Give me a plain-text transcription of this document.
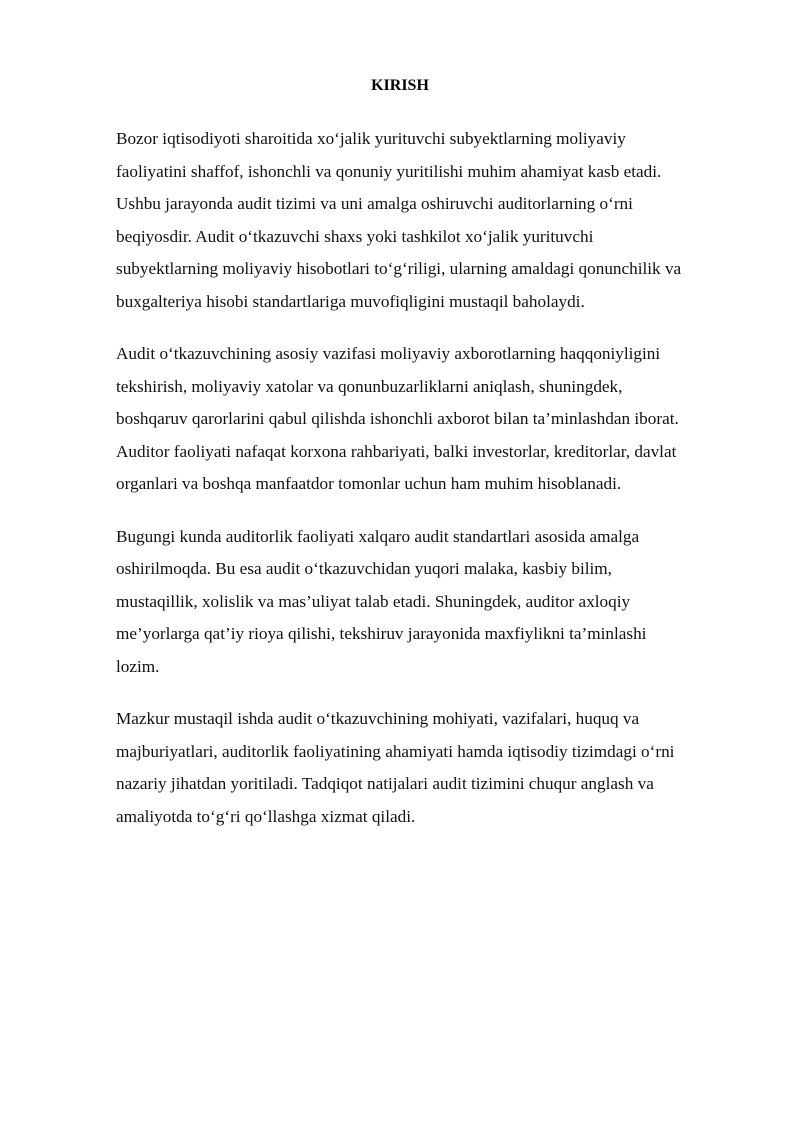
KIRISH

Bozor iqtisodiyoti sharoitida xo‘jalik yurituvchi subyektlarning moliyaviy
faoliyatini shaffof, ishonchli va qonuniy yuritilishi muhim ahamiyat kasb etadi.
Ushbu jarayonda audit tizimi va uni amalga oshiruvchi auditorlarning o‘rni
beqiyosdir. Audit o‘tkazuvchi shaxs yoki tashkilot xo‘jalik yurituvchi
subyektlarning moliyaviy hisobotlari to‘g‘riligi, ularning amaldagi qonunchilik va
buxgalteriya hisobi standartlariga muvofiqligini mustaqil baholaydi.

Audit o‘tkazuvchining asosiy vazifasi moliyaviy axborotlarning haqqoniyligini
tekshirish, moliyaviy xatolar va qonunbuzarliklarni aniqlash, shuningdek,
boshqaruv qarorlarini qabul qilishda ishonchli axborot bilan ta’minlashdan iborat.
Auditor faoliyati nafaqat korxona rahbariyati, balki investorlar, kreditorlar, davlat
organlari va boshqa manfaatdor tomonlar uchun ham muhim hisoblanadi.

Bugungi kunda auditorlik faoliyati xalqaro audit standartlari asosida amalga
oshirilmoqda. Bu esa audit o‘tkazuvchidan yuqori malaka, kasbiy bilim,
mustaqillik, xolislik va mas’uliyat talab etadi. Shuningdek, auditor axloqiy
me’yorlarga qat’iy rioya qilishi, tekshiruv jarayonida maxfiylikni ta’minlashi
lozim.

Mazkur mustaqil ishda audit o‘tkazuvchining mohiyati, vazifalari, huquq va
majburiyatlari, auditorlik faoliyatining ahamiyati hamda iqtisodiy tizimdagi o‘rni
nazariy jihatdan yoritiladi. Tadqiqot natijalari audit tizimini chuqur anglash va
amaliyotda to‘g‘ri qo‘llashga xizmat qiladi.
